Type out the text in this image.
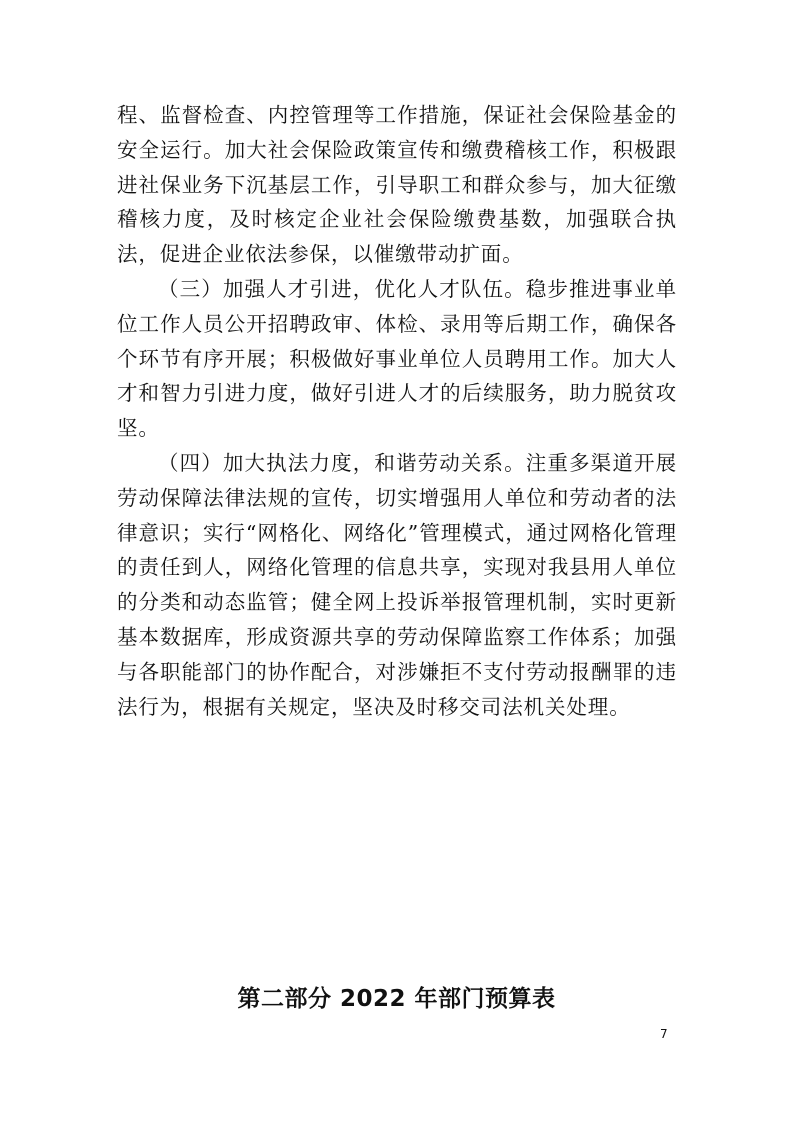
程、监督检查、内控管理等工作措施，保证社会保险基金的安全运行。加大社会保险政策宣传和缴费稽核工作，积极跟进社保业务下沉基层工作，引导职工和群众参与，加大征缴稽核力度，及时核定企业社会保险缴费基数，加强联合执法，促进企业依法参保，以催缴带动扩面。

（三）加强人才引进，优化人才队伍。稳步推进事业单位工作人员公开招聘政审、体检、录用等后期工作，确保各个环节有序开展；积极做好事业单位人员聘用工作。加大人才和智力引进力度，做好引进人才的后续服务，助力脱贫攻坚。

（四）加大执法力度，和谐劳动关系。注重多渠道开展劳动保障法律法规的宣传，切实增强用人单位和劳动者的法律意识；实行“网格化、网络化”管理模式，通过网格化管理的责任到人，网络化管理的信息共享，实现对我县用人单位的分类和动态监管；健全网上投诉举报管理机制，实时更新基本数据库，形成资源共享的劳动保障监察工作体系；加强与各职能部门的协作配合，对涉嫌拒不支付劳动报酬罪的违法行为，根据有关规定，坚决及时移交司法机关处理。

第二部分 2022 年部门预算表
7
